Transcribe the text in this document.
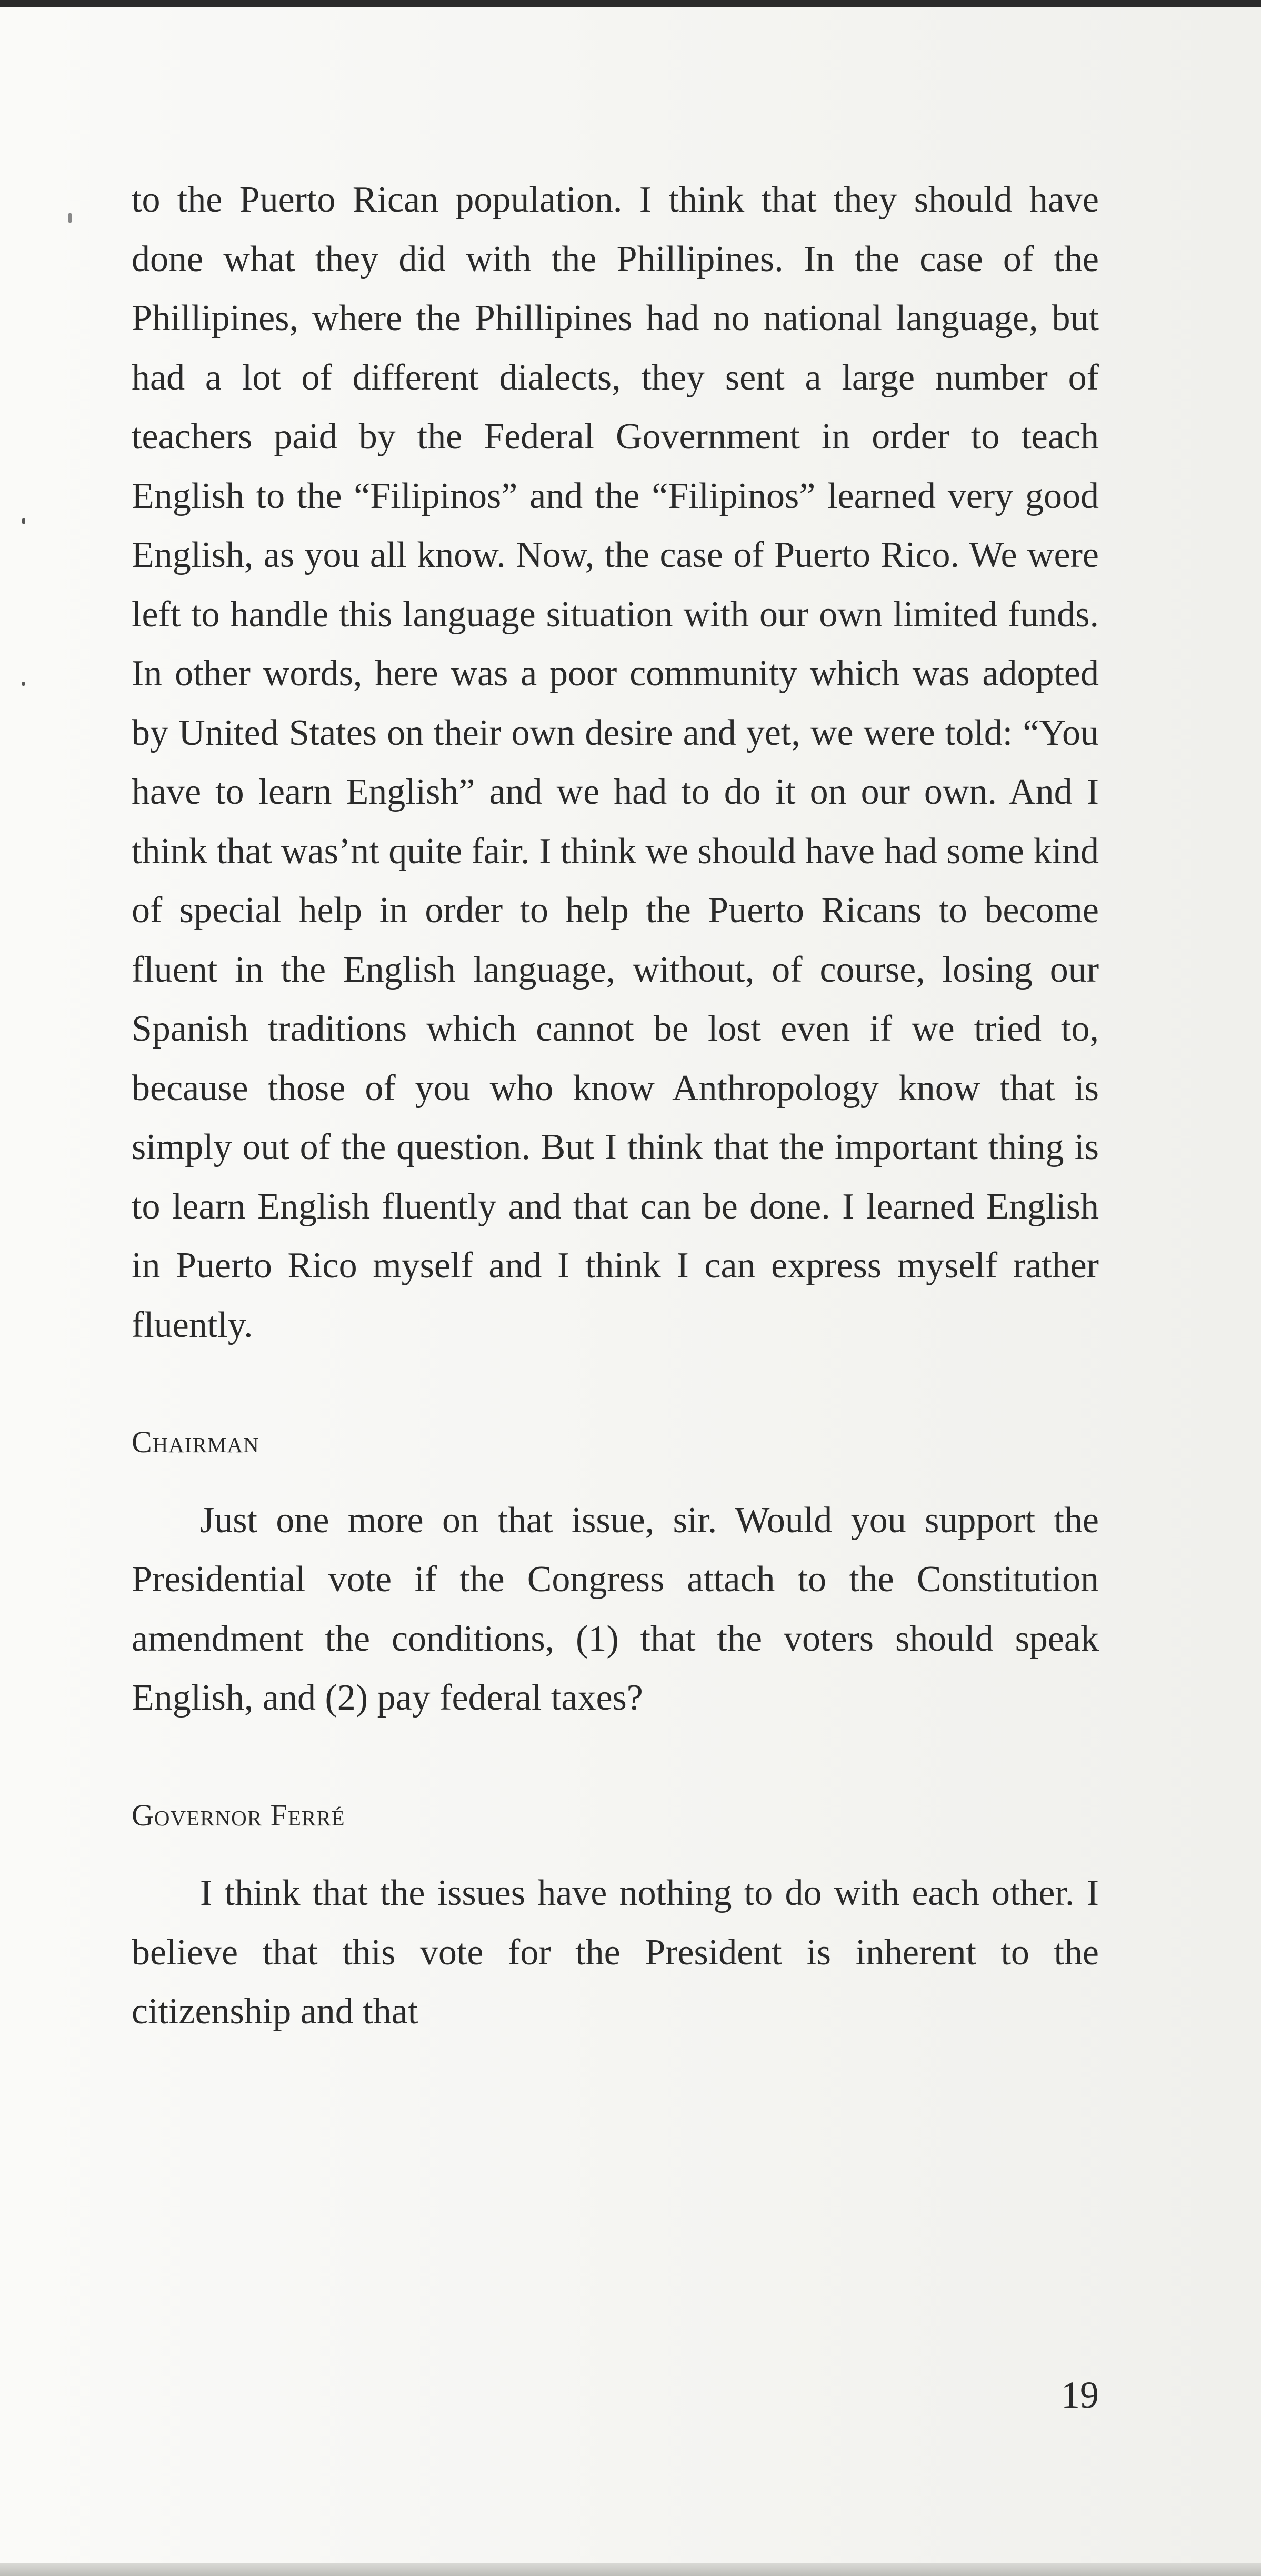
to the Puerto Rican population. I think that they should have done what they did with the Phillipines. In the case of the Phillipines, where the Phillipines had no national language, but had a lot of different dialects, they sent a large number of teachers paid by the Federal Government in order to teach English to the “Filipinos” and the “Filipinos” learned very good English, as you all know. Now, the case of Puerto Rico. We were left to handle this language situation with our own limited funds. In other words, here was a poor community which was adopted by United States on their own desire and yet, we were told: “You have to learn English” and we had to do it on our own. And I think that was’nt quite fair. I think we should have had some kind of special help in order to help the Puerto Ricans to become fluent in the English language, without, of course, losing our Spanish traditions which cannot be lost even if we tried to, because those of you who know Anthropology know that is simply out of the question. But I think that the important thing is to learn English fluently and that can be done. I learned English in Puerto Rico myself and I think I can express myself rather fluently.

Chairman

Just one more on that issue, sir. Would you support the Presidential vote if the Congress attach to the Constitution amendment the conditions, (1) that the voters should speak English, and (2) pay federal taxes?

Governor Ferré

I think that the issues have nothing to do with each other. I believe that this vote for the President is inherent to the citizenship and that

19
